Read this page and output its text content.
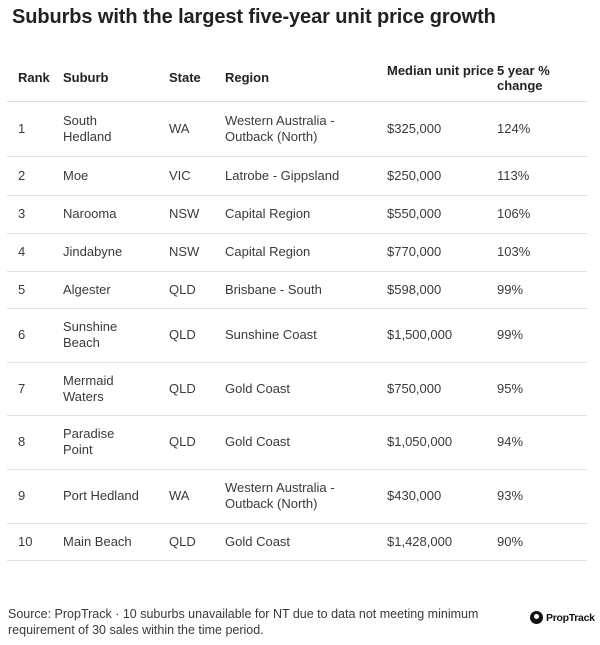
Suburbs with the largest five-year unit price growth
Rank	Suburb	State	Region	Median unit price	5 year % change
1	South Hedland	WA	Western Australia - Outback (North)	$325,000	124%
2	Moe	VIC	Latrobe - Gippsland	$250,000	113%
3	Narooma	NSW	Capital Region	$550,000	106%
4	Jindabyne	NSW	Capital Region	$770,000	103%
5	Algester	QLD	Brisbane - South	$598,000	99%
6	Sunshine Beach	QLD	Sunshine Coast	$1,500,000	99%
7	Mermaid Waters	QLD	Gold Coast	$750,000	95%
8	Paradise Point	QLD	Gold Coast	$1,050,000	94%
9	Port Hedland	WA	Western Australia - Outback (North)	$430,000	93%
10	Main Beach	QLD	Gold Coast	$1,428,000	90%
Source: PropTrack · 10 suburbs unavailable for NT due to data not meeting minimum requirement of 30 sales within the time period.
PropTrack
